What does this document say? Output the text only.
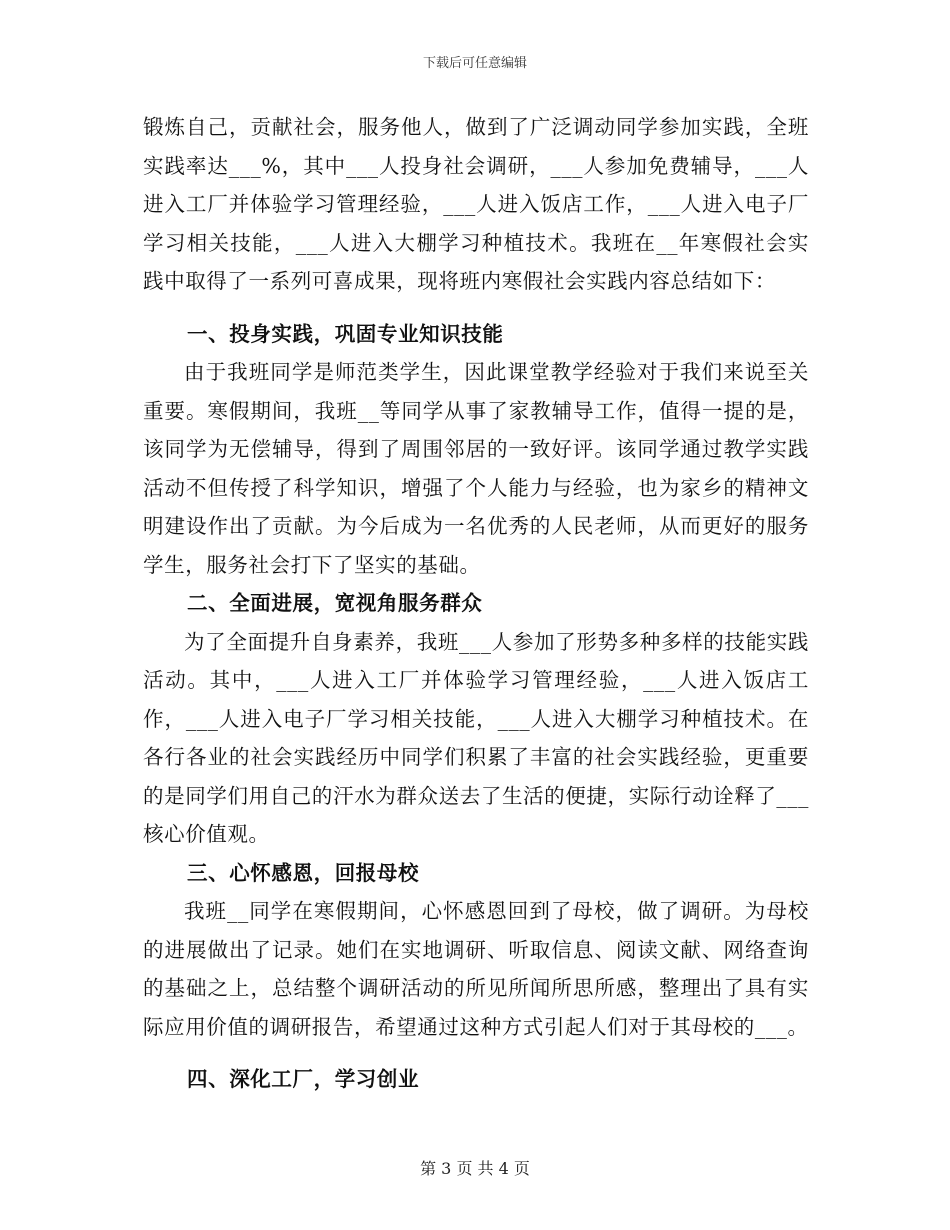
下载后可任意编辑

锻炼自己，贡献社会，服务他人，做到了广泛调动同学参加实践，全班实践率达___%，其中___人投身社会调研，___人参加免费辅导，___人进入工厂并体验学习管理经验，___人进入饭店工作，___人进入电子厂学习相关技能，___人进入大棚学习种植技术。我班在__年寒假社会实践中取得了一系列可喜成果，现将班内寒假社会实践内容总结如下：

一、投身实践，巩固专业知识技能

由于我班同学是师范类学生，因此课堂教学经验对于我们来说至关重要。寒假期间，我班__等同学从事了家教辅导工作，值得一提的是，该同学为无偿辅导，得到了周围邻居的一致好评。该同学通过教学实践活动不但传授了科学知识，增强了个人能力与经验，也为家乡的精神文明建设作出了贡献。为今后成为一名优秀的人民老师，从而更好的服务学生，服务社会打下了坚实的基础。

二、全面进展，宽视角服务群众

为了全面提升自身素养，我班___人参加了形势多种多样的技能实践活动。其中，___人进入工厂并体验学习管理经验，___人进入饭店工作，___人进入电子厂学习相关技能，___人进入大棚学习种植技术。在各行各业的社会实践经历中同学们积累了丰富的社会实践经验，更重要的是同学们用自己的汗水为群众送去了生活的便捷，实际行动诠释了___核心价值观。

三、心怀感恩，回报母校

我班__同学在寒假期间，心怀感恩回到了母校，做了调研。为母校的进展做出了记录。她们在实地调研、听取信息、阅读文献、网络查询的基础之上，总结整个调研活动的所见所闻所思所感，整理出了具有实际应用价值的调研报告，希望通过这种方式引起人们对于其母校的___。

四、深化工厂，学习创业

第 3 页 共 4 页
